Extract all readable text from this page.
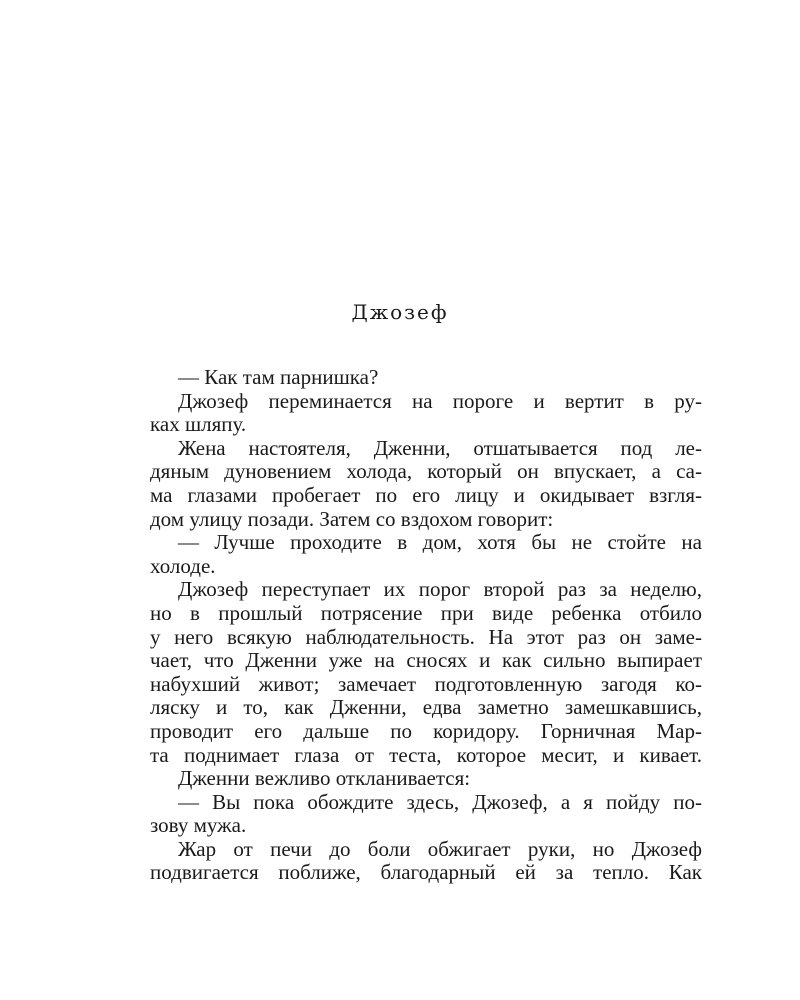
Джозеф
— Как там парнишка?
Джозеф переминается на пороге и вертит в ру-
ках шляпу.
Жена настоятеля, Дженни, отшатывается под ле-
дяным дуновением холода, который он впускает, а са-
ма глазами пробегает по его лицу и окидывает взгля-
дом улицу позади. Затем со вздохом говорит:
— Лучше проходите в дом, хотя бы не стойте на
холоде.
Джозеф переступает их порог второй раз за неделю,
но в прошлый потрясение при виде ребенка отбило
у него всякую наблюдательность. На этот раз он заме-
чает, что Дженни уже на сносях и как сильно выпирает
набухший живот; замечает подготовленную загодя ко-
ляску и то, как Дженни, едва заметно замешкавшись,
проводит его дальше по коридору. Горничная Мар-
та поднимает глаза от теста, которое месит, и кивает.
Дженни вежливо откланивается:
— Вы пока обождите здесь, Джозеф, а я пойду по-
зову мужа.
Жар от печи до боли обжигает руки, но Джозеф
подвигается поближе, благодарный ей за тепло. Как
